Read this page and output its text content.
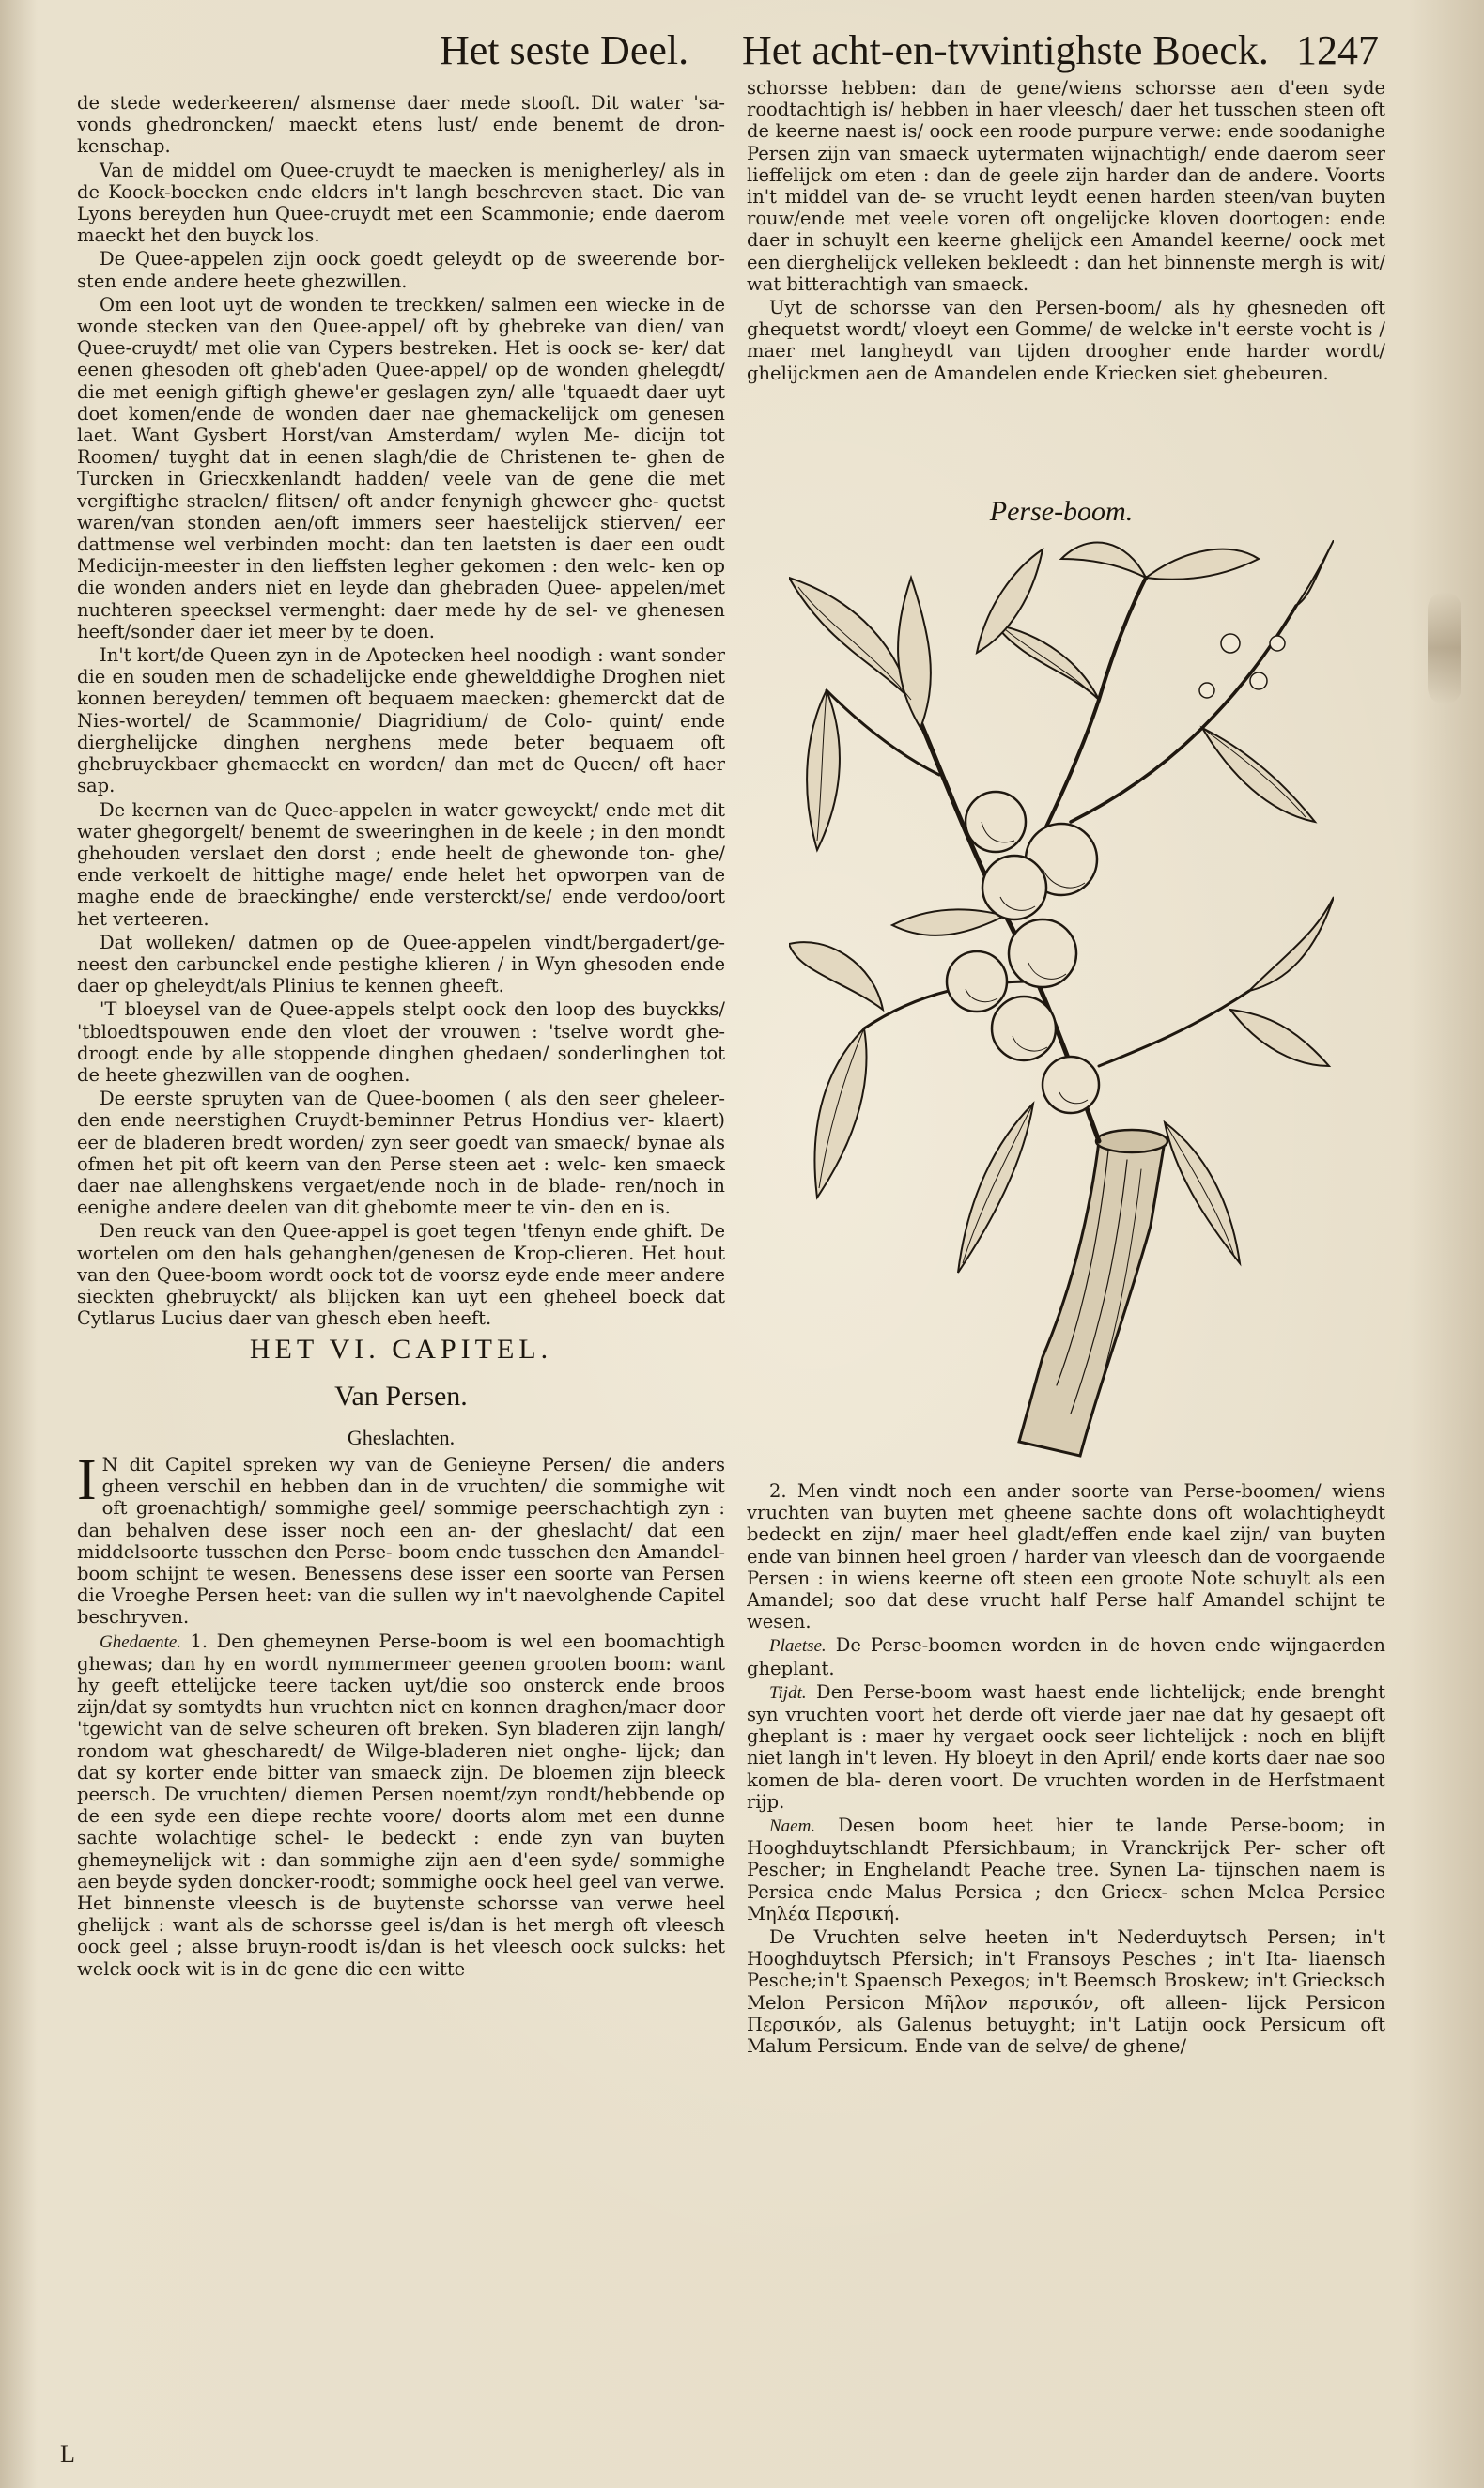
Het seste Deel. Het acht-en-tvvintighste Boeck. 1247

de stede wederkeeren/ alsmense daer mede stooft. Dit water 'sa- vonds ghedroncken/ maeckt etens lust/ ende benemt de dron- kenschap.

Van de middel om Quee-cruydt te maecken is menigherley/ als in de Koock-boecken ende elders in't langh beschreven staet. Die van Lyons bereyden hun Quee-cruydt met een Scammonie; ende daerom maeckt het den buyck los.

De Quee-appelen zijn oock goedt geleydt op de sweerende bor- sten ende andere heete ghezwillen.

Om een loot uyt de wonden te treckken/ salmen een wiecke in de wonde stecken van den Quee-appel/ oft by ghebreke van dien/ van Quee-cruydt/ met olie van Cypers bestreken. Het is oock se- ker/ dat eenen ghesoden oft gheb'aden Quee-appel/ op de wonden ghelegdt/ die met eenigh giftigh ghewe'er geslagen zyn/ alle 'tquaedt daer uyt doet komen/ende de wonden daer nae ghemackelijck om genesen laet. Want Gysbert Horst/van Amsterdam/ wylen Me- dicijn tot Roomen/ tuyght dat in eenen slagh/die de Christenen te- ghen de Turcken in Griecxkenlandt hadden/ veele van de gene die met vergiftighe straelen/ flitsen/ oft ander fenynigh gheweer ghe- quetst waren/van stonden aen/oft immers seer haestelijck stierven/ eer dattmense wel verbinden mocht: dan ten laetsten is daer een oudt Medicijn-meester in den lieffsten legher gekomen : den welc- ken op die wonden anders niet en leyde dan ghebraden Quee- appelen/met nuchteren speecksel vermenght: daer mede hy de sel- ve ghenesen heeft/sonder daer iet meer by te doen.

In't kort/de Queen zyn in de Apotecken heel noodigh : want sonder die en souden men de schadelijcke ende ghewelddighe Droghen niet konnen bereyden/ temmen oft bequaem maecken: ghemerckt dat de Nies-wortel/ de Scammonie/ Diagridium/ de Colo- quint/ ende dierghelijcke dinghen nerghens mede beter bequaem oft ghebruyckbaer ghemaeckt en worden/ dan met de Queen/ oft haer sap.

De keernen van de Quee-appelen in water geweyckt/ ende met dit water ghegorgelt/ benemt de sweeringhen in de keele ; in den mondt ghehouden verslaet den dorst ; ende heelt de ghewonde ton- ghe/ ende verkoelt de hittighe mage/ ende helet het opworpen van de maghe ende de braeckinghe/ ende versterckt/se/ ende verdoo/oort het verteeren.

Dat wolleken/ datmen op de Quee-appelen vindt/bergadert/ge- neest den carbunckel ende pestighe klieren / in Wyn ghesoden ende daer op gheleydt/als Plinius te kennen gheeft.

'T bloeysel van de Quee-appels stelpt oock den loop des buyckks/ 'tbloedtspouwen ende den vloet der vrouwen : 'tselve wordt ghe- droogt ende by alle stoppende dinghen ghedaen/ sonderlinghen tot de heete ghezwillen van de ooghen.

De eerste spruyten van de Quee-boomen ( als den seer gheleer- den ende neerstighen Cruydt-beminner Petrus Hondius ver- klaert) eer de bladeren bredt worden/ zyn seer goedt van smaeck/ bynae als ofmen het pit oft keern van den Perse steen aet : welc- ken smaeck daer nae allenghskens vergaet/ende noch in de blade- ren/noch in eenighe andere deelen van dit ghebomte meer te vin- den en is.

Den reuck van den Quee-appel is goet tegen 'tfenyn ende ghift. De wortelen om den hals gehanghen/genesen de Krop-clieren. Het hout van den Quee-boom wordt oock tot de voorsz eyde ende meer andere sieckten ghebruyckt/ als blijcken kan uyt een gheheel boeck dat Cytlarus Lucius daer van ghesch eben heeft.

HET VI. CAPITEL.
Van Persen.
Gheslachten.

I N dit Capitel spreken wy van de Genieyne Persen/ die anders gheen verschil en hebben dan in de vruchten/ die sommighe wit oft groenachtigh/ sommighe geel/ sommige peerschachtigh zyn : dan behalven dese isser noch een an- der gheslacht/ dat een middelsoorte tusschen den Perse- boom ende tusschen den Amandel-boom schijnt te wesen. Benessens dese isser een soorte van Persen die Vroeghe Persen heet: van die sullen wy in't naevolghende Capitel beschryven.

Ghedaente. 1. Den ghemeynen Perse-boom is wel een boomachtigh ghewas; dan hy en wordt nymmermeer geenen grooten boom: want hy geeft ettelijcke teere tacken uyt/die soo onsterck ende broos zijn/dat sy somtydts hun vruchten niet en konnen draghen/maer door 'tgewicht van de selve scheuren oft breken. Syn bladeren zijn langh/ rondom wat ghescharedt/ de Wilge-bladeren niet onghe- lijck; dan dat sy korter ende bitter van smaeck zijn. De bloemen zijn bleeck peersch. De vruchten/ diemen Persen noemt/zyn rondt/hebbende op de een syde een diepe rechte voore/ doorts alom met een dunne sachte wolachtige schel- le bedeckt : ende zyn van buyten ghemeynelijck wit : dan sommighe zijn aen d'een syde/ sommighe aen beyde syden doncker-roodt; sommighe oock heel geel van verwe. Het binnenste vleesch is de buytenste schorsse van verwe heel ghelijck : want als de schorsse geel is/dan is het mergh oft vleesch oock geel ; alsse bruyn-roodt is/dan is het vleesch oock sulcks: het welck oock wit is in de gene die een witte

schorsse hebben: dan de gene/wiens schorsse aen d'een syde roodtachtigh is/ hebben in haer vleesch/ daer het tusschen steen oft de keerne naest is/ oock een roode purpure verwe: ende soodanighe Persen zijn van smaeck uytermaten wijnachtigh/ ende daerom seer lieffelijck om eten : dan de geele zijn harder dan de andere. Voorts in't middel van de- se vrucht leydt eenen harden steen/van buyten rouw/ende met veele voren oft ongelijcke kloven doortogen: ende daer in schuylt een keerne ghelijck een Amandel keerne/ oock met een dierghelijck velleken bekleedt : dan het binnenste mergh is wit/ wat bitterachtigh van smaeck.

Uyt de schorsse van den Persen-boom/ als hy ghesneden oft ghequetst wordt/ vloeyt een Gomme/ de welcke in't eerste vocht is / maer met langheydt van tijden droogher ende harder wordt/ ghelijckmen aen de Amandelen ende Kriecken siet ghebeuren.

Perse-boom.

2. Men vindt noch een ander soorte van Perse-boomen/ wiens vruchten van buyten met gheene sachte dons oft wolachtigheydt bedeckt en zijn/ maer heel gladt/effen ende kael zijn/ van buyten ende van binnen heel groen / harder van vleesch dan de voorgaende Persen : in wiens keerne oft steen een groote Note schuylt als een Amandel; soo dat dese vrucht half Perse half Amandel schijnt te wesen.

Plaetse. De Perse-boomen worden in de hoven ende wijngaerden gheplant.

Tijdt. Den Perse-boom wast haest ende lichtelijck; ende brenght syn vruchten voort het derde oft vierde jaer nae dat hy gesaept oft gheplant is : maer hy vergaet oock seer lichtelijck : noch en blijft niet langh in't leven. Hy bloeyt in den April/ ende korts daer nae soo komen de bla- deren voort. De vruchten worden in de Herfstmaent rijp.

Naem. Desen boom heet hier te lande Perse-boom; in Hooghduytschlandt Pfersichbaum; in Vranckrijck Per- scher oft Pescher; in Enghelandt Peache tree. Synen La- tijnschen naem is Persica ende Malus Persica ; den Griecx- schen Melea Persiee Μηλέα Περσική.

De Vruchten selve heeten in't Nederduytsch Persen; in't Hooghduytsch Pfersich; in't Fransoys Pesches ; in't Ita- liaensch Pesche;in't Spaensch Pexegos; in't Beemsch Broskew; in't Griecksch Melon Persicon Μῆλον περσικόν, oft alleen- lijck Persicon Περσικόν, als Galenus betuyght; in't Latijn oock Persicum oft Malum Persicum. Ende van de selve/ de ghene/

L
